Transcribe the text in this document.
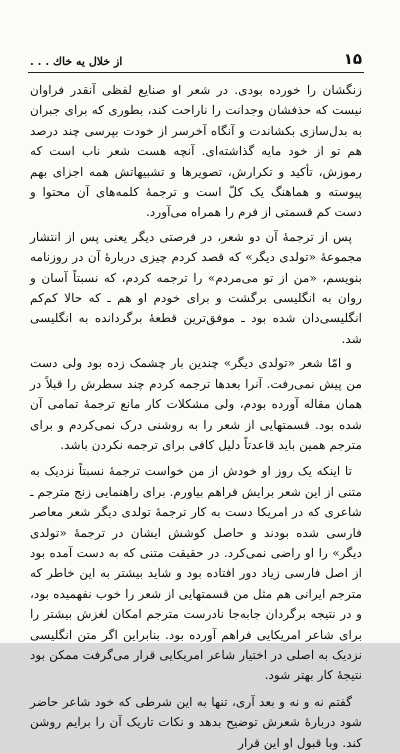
۱۵
از خلال یه خاك . . .

زنگشان را خورده بودی. در شعر او صنایع لفظی آنقدر فراوان نیست که حذفشان وجدانت را ناراحت کند، بطوری که برای جبران به بدل‌سازی بکشاندت و آنگاه آخرسر از خودت بپرسی چند درصد هم تو از خود مایه گذاشته‌ای. آنچه هست شعر ناب است که رموزش، تأکید و تکرارش، تصویرها و تشبیهاتش همه اجزای بهم پیوسته و هماهنگ یک کلّ است و ترجمهٔ کلمه‌های آن محتوا و دست کم قسمتی از فرم را همراه می‌آورد.

پس از ترجمهٔ آن دو شعر، در فرصتی دیگر یعنی پس از انتشار مجموعهٔ «تولدی دیگر» که قصد کردم چیزی دربارهٔ آن در روزنامه بنویسم، «من از تو می‌مردم» را ترجمه کردم، که نسبتاً آسان و روان به انگلیسی برگشت و برای خودم او هم ـ که حالا کم‌کم انگلیسی‌دان شده بود ـ موفق‌ترین قطعهٔ برگردانده به انگلیسی شد.

و امّا شعر «تولدی دیگر» چندین بار چشمک زده بود ولی دست من پیش نمی‌رفت. آنرا بعدها ترجمه کردم چند سطرش را قبلاً در همان مقاله آورده بودم، ولی مشکلات کار مانع ترجمهٔ تمامی آن شده بود. قسمتهایی از شعر را به روشنی درک نمی‌کردم و برای مترجم همین باید قاعدتاً دلیل کافی برای ترجمه نکردن باشد.

تا اینکه یک روز او خودش از من خواست ترجمهٔ نسبتاً نزدیک به متنی از این شعر برایش فراهم بیاورم. برای راهنمایی زنج مترجم ـ شاعری که در امریکا دست به کار ترجمهٔ تولدی دیگر شعر معاصر فارسی شده بودند و حاصل کوشش ایشان در ترجمهٔ «تولدی دیگر» را او راضی نمی‌کرد. در حقیقت متنی که به دست آمده بود از اصل فارسی زیاد دور افتاده بود و شاید بیشتر به این خاطر که مترجم ایرانی هم مثل من قسمتهایی از شعر را خوب نفهمیده بود، و در نتیجه برگردان جابه‌جا نادرست مترجم امکان لغزش بیشتر را برای شاعر امریکایی فراهم آورده بود. بنابراین اگر متن انگلیسی نزدیک به اصلی در اختیار شاعر امریکایی قرار می‌گرفت ممکن بود نتیجهٔ کار بهتر شود.

گفتم نه و نه و بعد آری، تنها به این شرطی که خود شاعر حاضر شود دربارهٔ شعرش توضیح بدهد و نکات تاریک آن را برایم روشن کند. وبا قبول او این قرار
